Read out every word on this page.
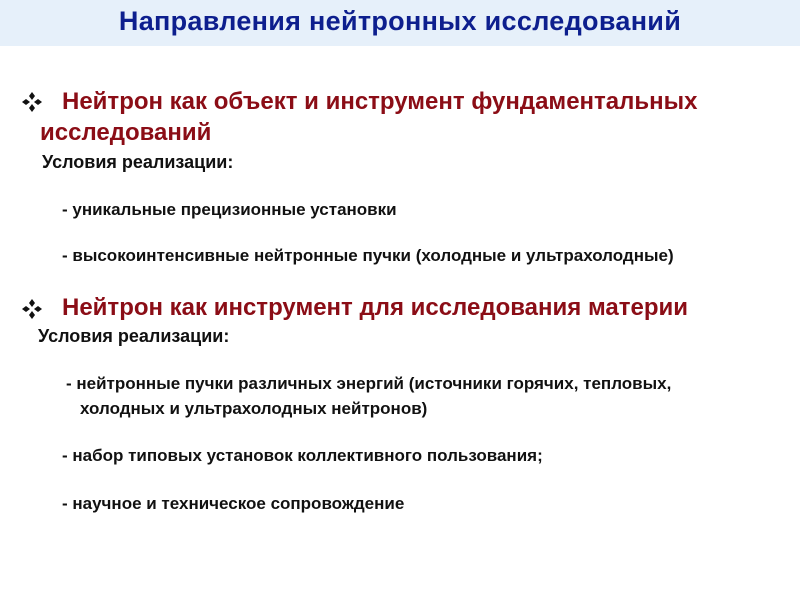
Направления нейтронных исследований
Нейтрон как объект и инструмент фундаментальных
исследований
Условия реализации:
- уникальные прецизионные установки
- высокоинтенсивные нейтронные пучки (холодные и ультрахолодные)
Нейтрон как инструмент для исследования материи
Условия реализации:
- нейтронные пучки различных энергий (источники горячих, тепловых,
холодных и ультрахолодных нейтронов)
- набор типовых установок коллективного пользования;
- научное и техническое сопровождение
